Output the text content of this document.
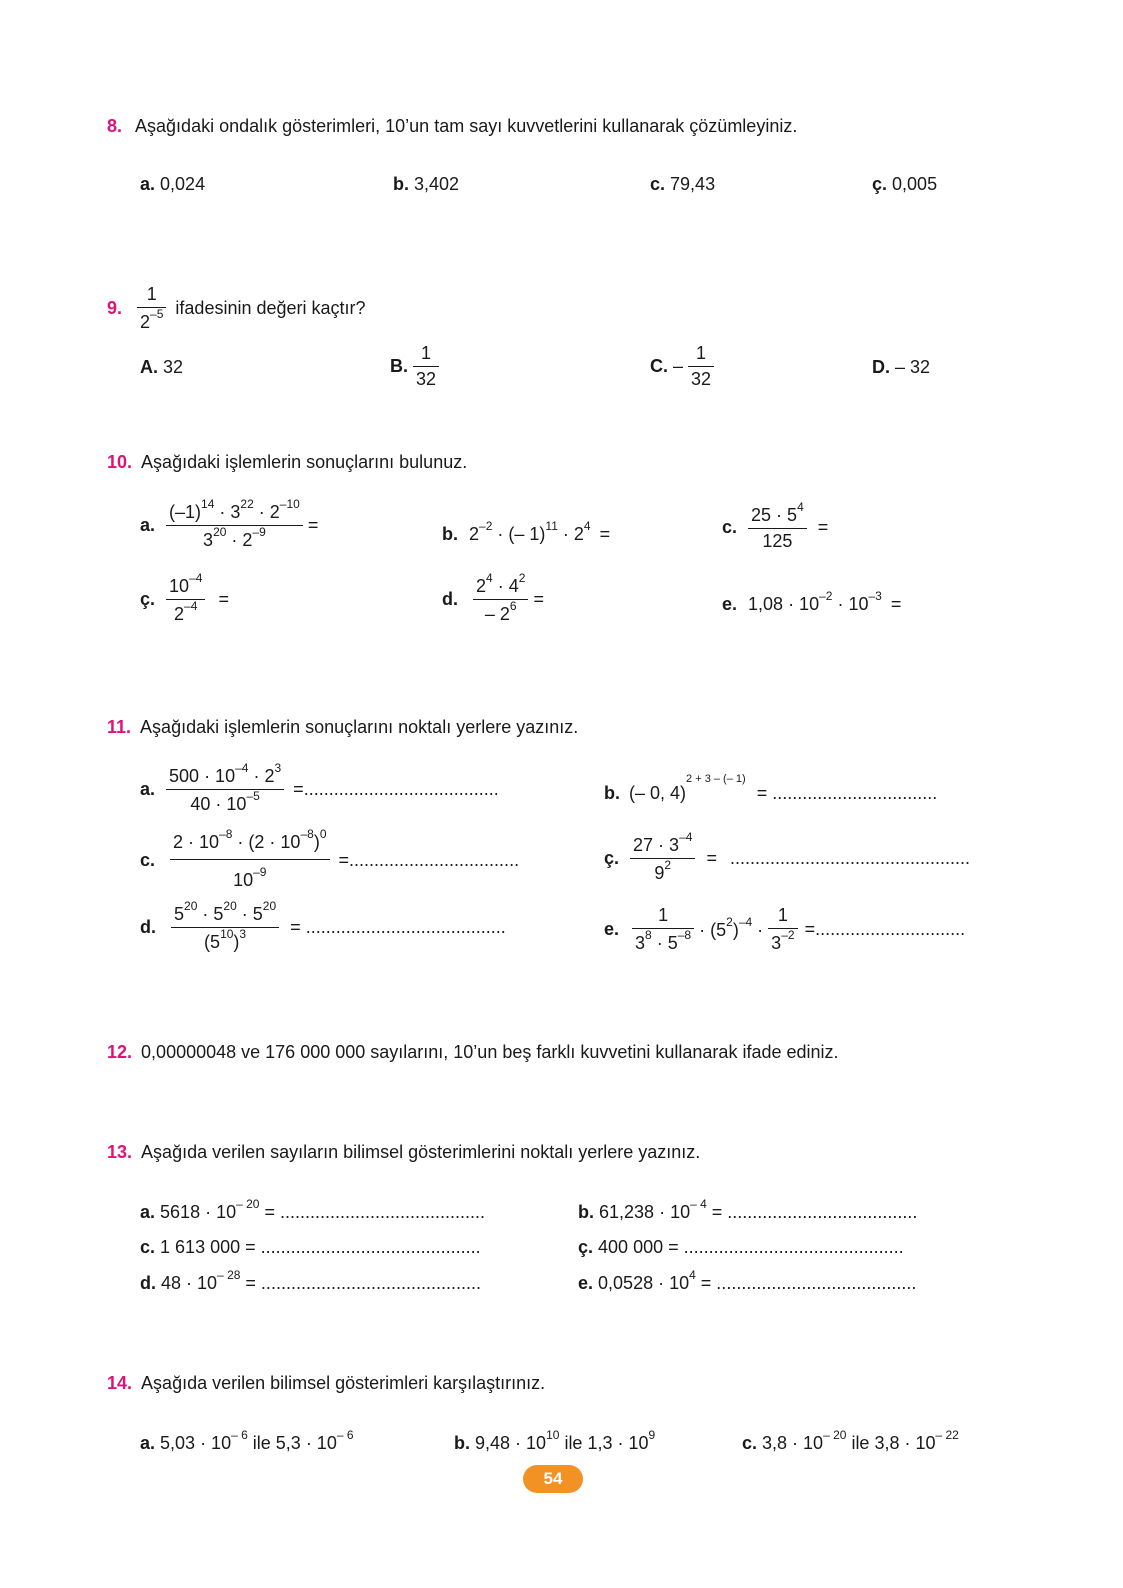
8. Aşağıdaki ondalık gösterimleri, 10’un tam sayı kuvvetlerini kullanarak çözümleyiniz.
a. 0,024	b. 3,402	c. 79,43	ç. 0,005
9. $\frac{1}{2^{-5}}$ ifadesinin değeri kaçtır?
A. 32	B. $\frac{1}{32}$	C. – $\frac{1}{32}$	D. – 32
10. Aşağıdaki işlemlerin sonuçlarını bulunuz.
a. $\frac{(-1)^{14} \cdot 3^{22} \cdot 2^{-10}}{3^{20} \cdot 2^{-9}}$ =	b. $2^{-2}$ · (– $1)^{11} \cdot 2^4$ =	c. $\frac{25 \cdot 5^4}{125}$ =
ç. $\frac{10^{-4}}{2^{-4}}$ =	d. $\frac{2^4 \cdot 4^2}{- 2^6}$ =	e. $1,08 \cdot 10^{-2} \cdot 10^{-3}$ =
11. Aşağıdaki işlemlerin sonuçlarını noktalı yerlere yazınız.
a. $\frac{500 \cdot 10^{-4} \cdot 2^3}{40 \cdot 10^{-5}}$ =.......................................	b. (– 0, 4)$^{2 + 3 - (- 1)}$ = .................................
c. $\frac{2 \cdot 10^{-8} \cdot (2 \cdot 10^{-8})^0}{10^{-9}}$ =..................................	ç. $\frac{27 \cdot 3^{-4}}{9^2}$ = ................................................
d. $\frac{5^{20} \cdot 5^{20} \cdot 5^{20}}{(5^{10})^3}$ = ........................................	e. $\frac{1}{3^8 \cdot 5^{-8}} \cdot (5^2)^{-4} \cdot \frac{1}{3^{-2}}$ =..............................
12. 0,00000048 ve 176 000 000 sayılarını, 10’un beş farklı kuvvetini kullanarak ifade ediniz.
13. Aşağıda verilen sayıların bilimsel gösterimlerini noktalı yerlere yazınız.
a. $5618 \cdot 10^{- 20}$ = .........................................	b. $61,238 \cdot 10^{- 4}$ = ......................................
c. 1 613 000 = ............................................	ç. 400 000 = ............................................
d. $48 \cdot 10^{- 28}$ = ............................................	e. $0,0528 \cdot 10^4$ = ........................................
14. Aşağıda verilen bilimsel gösterimleri karşılaştırınız.
a. $5,03 \cdot 10^{- 6}$ ile $5,3 \cdot 10^{- 6}$	b. $9,48 \cdot 10^{10}$ ile $1,3 \cdot 10^9$	c. $3,8 \cdot 10^{- 20}$ ile $3,8 \cdot 10^{- 22}$
54
